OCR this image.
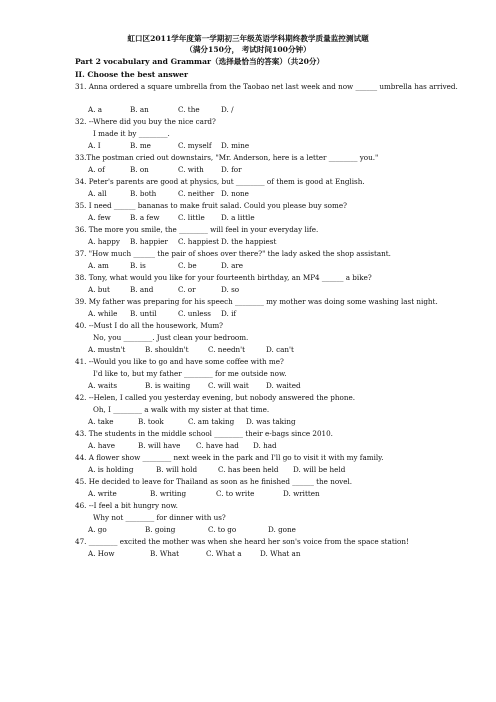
虹口区2011学年度第一学期初三年级英语学科期终教学质量监控测试题
（满分150分， 考试时间100分钟）
Part 2 vocabulary and Grammar（选择最恰当的答案）（共20分）
II. Choose the best answer
31. Anna ordered a square umbrella from the Taobao net last week and now ______ umbrella has arrived.
A. a	B. an	C. the	D. /
32. --Where did you buy the nice card?
I made it by ________.
A. I	B. me	C. myself D. mine
33.The postman cried out downstairs, "Mr. Anderson, here is a letter ________ you."
A. of	B. on	C. with D. for
34. Peter's parents are good at physics, but ________ of them is good at English.
A. all	B. both	C. neither D. none
35. I need ______ bananas to make fruit salad. Could you please buy some?
A. few	B. a few	C. little D. a little
36. The more you smile, the ________ will feel in your everyday life.
A. happy B. happier C. happiest D. the happiest
37. "How much ______ the pair of shoes over there?" the lady asked the shop assistant.
A. am	B. is	C. be	D. are
38. Tony, what would you like for your fourteenth birthday, an MP4 ______ a bike?
A. but	B. and	C. or	D. so
39. My father was preparing for his speech ________ my mother was doing some washing last night.
A. while B. until	C. unless D. if
40. --Must I do all the housework, Mum?
No, you ________. Just clean your bedroom.
A. mustn't	B. shouldn't	C. needn't	D. can't
41. --Would you like to go and have some coffee with me?
I'd like to, but my father ________ for me outside now.
A. waits	B. is waiting C. will wait D. waited
42. --Helen, I called you yesterday evening, but nobody answered the phone.
Oh, I ________ a walk with my sister at that time.
A. take	B. took	C. am taking D. was taking
43. The students in the middle school ________ their e-bags since 2010.
A. have	B. will have C. have had D. had
44. A flower show ________ next week in the park and I'll go to visit it with my family.
A. is holding	B. will hold	C. has been held D. will be held
45. He decided to leave for Thailand as soon as he finished ______ the novel.
A. write	B. writing	C. to write	D. written
46. --I feel a bit hungry now.
Why not ________ for dinner with us?
A. go	B. going	C. to go	D. gone
47. ________ excited the mother was when she heard her son's voice from the space station!
A. How	B. What	C. What a	D. What an
